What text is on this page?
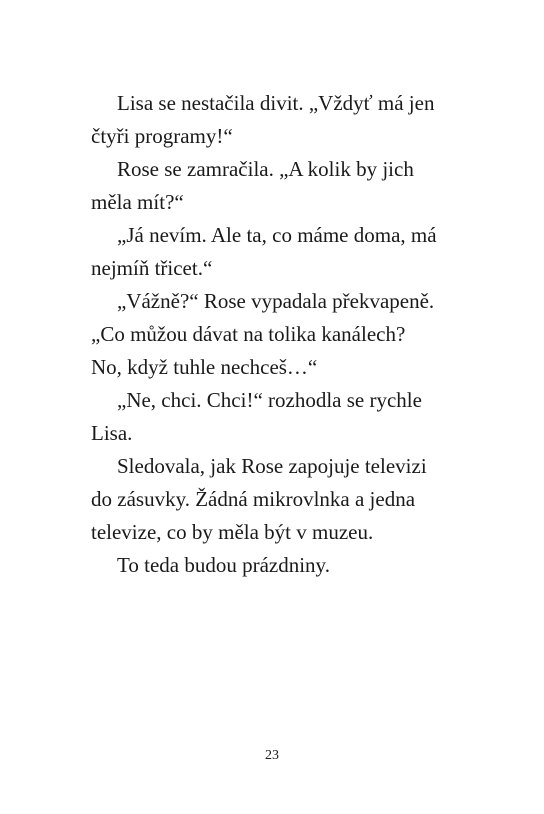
Lisa se nestačila divit. „Vždyť má jen
čtyři programy!“
Rose se zamračila. „A kolik by jich
měla mít?“
„Já nevím. Ale ta, co máme doma, má
nejmíň třicet.“
„Vážně?“ Rose vypadala překvapeně.
„Co můžou dávat na tolika kanálech?
No, když tuhle nechceš…“
„Ne, chci. Chci!“ rozhodla se rychle
Lisa.
Sledovala, jak Rose zapojuje televizi
do zásuvky. Žádná mikrovlnka a jedna
televize, co by měla být v muzeu.
To teda budou prázdniny.
23
